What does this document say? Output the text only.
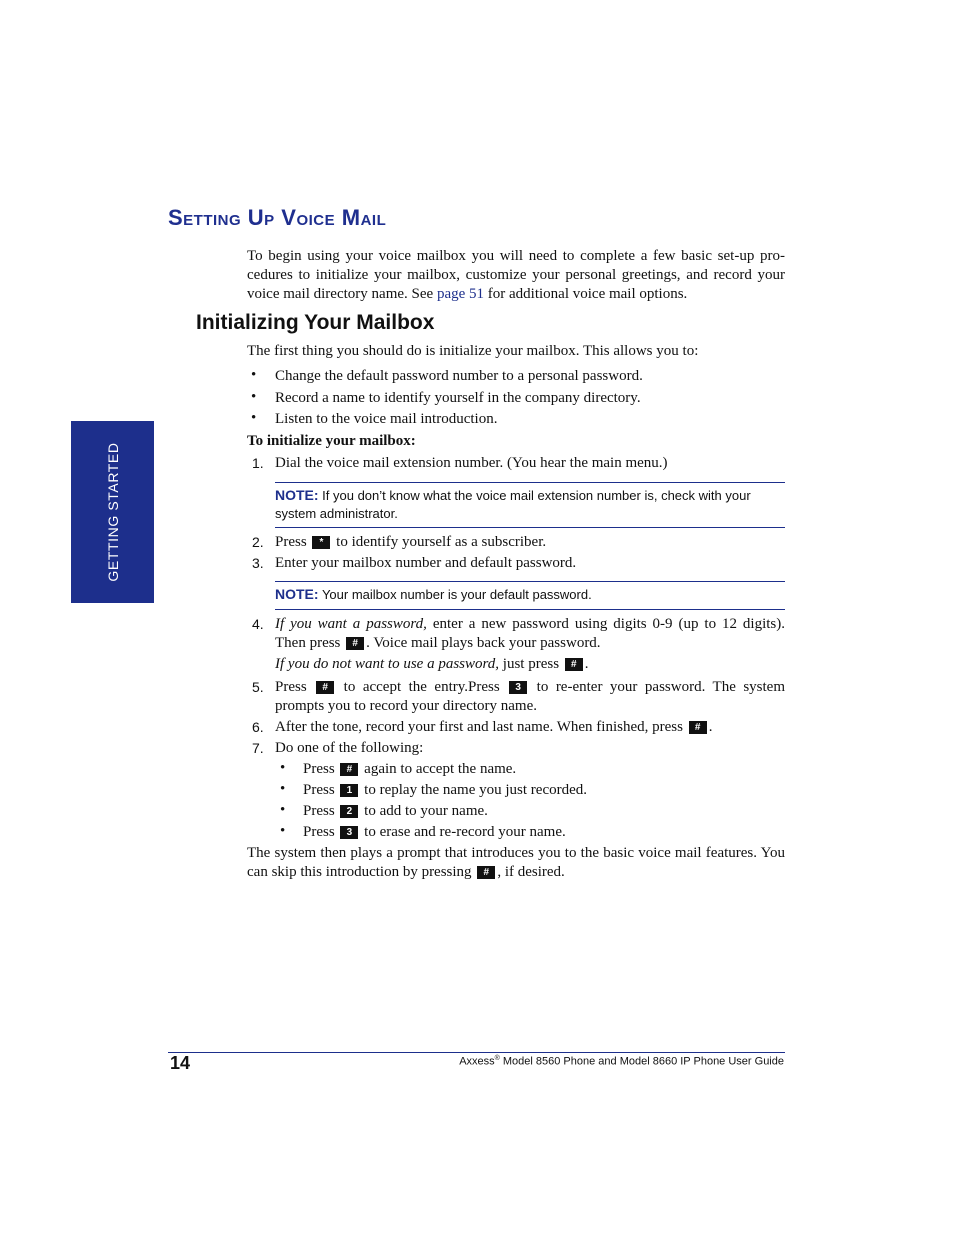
GETTING STARTED
Setting Up Voice Mail
To begin using your voice mailbox you will need to complete a few basic set-up pro-cedures to initialize your mailbox, customize your personal greetings, and record your voice mail directory name. See page 51 for additional voice mail options.
Initializing Your Mailbox
The first thing you should do is initialize your mailbox. This allows you to:
• Change the default password number to a personal password.
• Record a name to identify yourself in the company directory.
• Listen to the voice mail introduction.
To initialize your mailbox:
1. Dial the voice mail extension number. (You hear the main menu.)
NOTE: If you don’t know what the voice mail extension number is, check with your system administrator.
2. Press * to identify yourself as a subscriber.
3. Enter your mailbox number and default password.
NOTE: Your mailbox number is your default password.
4. If you want a password, enter a new password using digits 0-9 (up to 12 digits). Then press # . Voice mail plays back your password.
If you do not want to use a password, just press # .
5. Press # to accept the entry.Press 3 to re-enter your password. The system prompts you to record your directory name.
6. After the tone, record your first and last name. When finished, press # .
7. Do one of the following:
• Press # again to accept the name.
• Press 1 to replay the name you just recorded.
• Press 2 to add to your name.
• Press 3 to erase and re-record your name.
The system then plays a prompt that introduces you to the basic voice mail features. You can skip this introduction by pressing # , if desired.
14	Axxess® Model 8560 Phone and Model 8660 IP Phone User Guide
